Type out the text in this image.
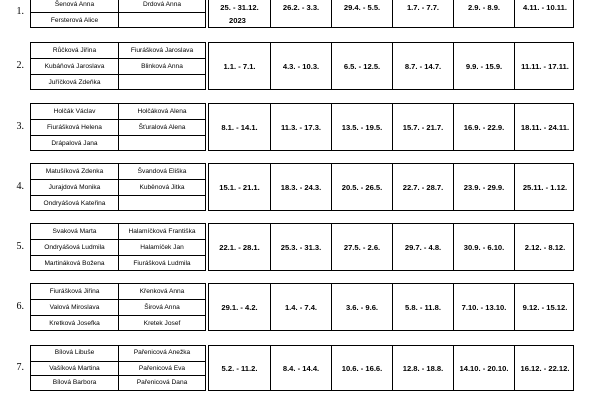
1.
Šenová Anna	Drdová Anna
Fersterová Alice
25. - 31.12.	26.2. - 3.3.	29.4. - 5.5.	1.7. - 7.7.	2.9. - 8.9.	4.11. - 10.11.
2023
2.
Růčková Jiřina	Fiurášková Jaroslava
Kubáňová Jaroslava	Blinková Anna
Juříčková Zdeňka
1.1. - 7.1.	4.3. - 10.3.	6.5. - 12.5.	8.7. - 14.7.	9.9. - 15.9.	11.11. - 17.11.
3.
Holčák Václav	Holčáková Alena
Fiurášková Helena	Šťuralová Alena
Drápalová Jana
8.1. - 14.1.	11.3. - 17.3.	13.5. - 19.5.	15.7. - 21.7.	16.9. - 22.9.	18.11. - 24.11.
4.
Matušíková Zdenka	Švandová Eliška
Jurajdová Monika	Kuběnová Jitka
Ondryášová Kateřina
15.1. - 21.1.	18.3. - 24.3.	20.5. - 26.5.	22.7. - 28.7.	23.9. - 29.9.	25.11. - 1.12.
5.
Svaková Marta	Halamíčková Františka
Ondryášová Ludmila	Halamíček Jan
Martináková Božena	Fiurášková Ludmila
22.1. - 28.1.	25.3. - 31.3.	27.5. - 2.6.	29.7. - 4.8.	30.9. - 6.10.	2.12. - 8.12.
6.
Fiurášková Jiřina	Křenková Anna
Valová Miroslava	Širová Anna
Kretková Josefka	Kretek Josef
29.1. - 4.2.	1.4. - 7.4.	3.6. - 9.6.	5.8. - 11.8.	7.10. - 13.10.	9.12. - 15.12.
7.
Bílová Libuše	Pařenicová Anežka
Vašíková Martina	Pařenicová Eva
Bílová Barbora	Pařenicová Dana
5.2. - 11.2.	8.4. - 14.4.	10.6. - 16.6.	12.8. - 18.8.	14.10. - 20.10.	16.12. - 22.12.
